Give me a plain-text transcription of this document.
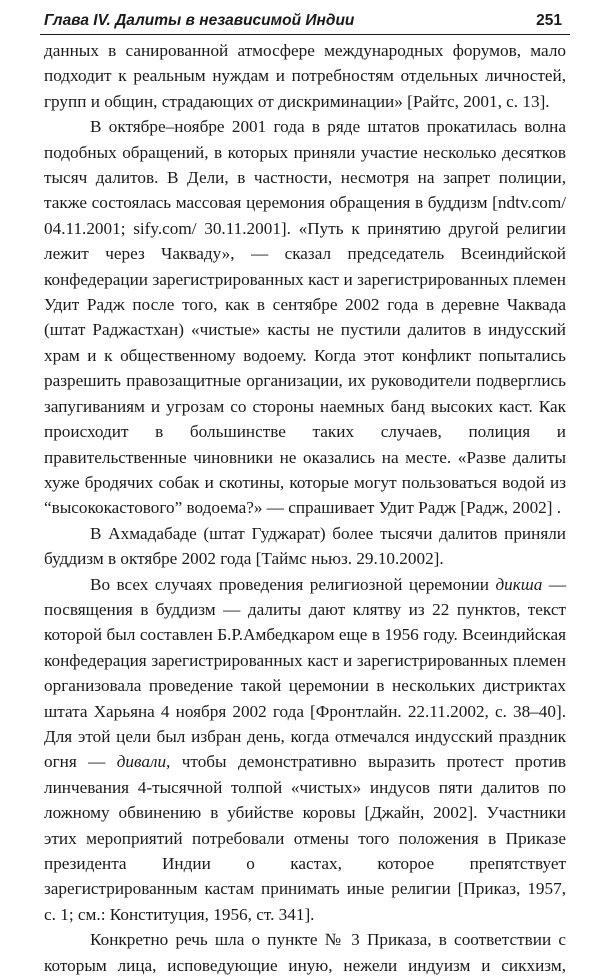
Глава IV. Далиты в независимой Индии	251

данных в санированной атмосфере международных форумов, мало подходит к реальным нуждам и потребностям отдельных личностей, групп и общин, страдающих от дискриминации» [Райтс, 2001, с. 13].

В октябре–ноябре 2001 года в ряде штатов прокатилась волна подобных обращений, в которых приняли участие несколько десятков тысяч далитов. В Дели, в частности, несмотря на запрет полиции, также состоялась массовая церемония обращения в буддизм [ndtv.com/ 04.11.2001; sify.com/ 30.11.2001]. «Путь к принятию другой религии лежит через Чакваду», — сказал председатель Всеиндийской конфедерации зарегистрированных каст и зарегистрированных племен Удит Радж после того, как в сентябре 2002 года в деревне Чаквада (штат Раджастхан) «чистые» касты не пустили далитов в индусский храм и к общественному водоему. Когда этот конфликт попытались разрешить правозащитные организации, их руководители подверглись запугиваниям и угрозам со стороны наемных банд высоких каст. Как происходит в большинстве таких случаев, полиция и правительственные чиновники не оказались на месте. «Разве далиты хуже бродячих собак и скотины, которые могут пользоваться водой из “высококастового” водоема?» — спрашивает Удит Радж [Радж, 2002] .

В Ахмадабаде (штат Гуджарат) более тысячи далитов приняли буддизм в октябре 2002 года [Таймс ньюз. 29.10.2002].

Во всех случаях проведения религиозной церемонии дикша — посвящения в буддизм — далиты дают клятву из 22 пунктов, текст которой был составлен Б.Р.Амбедкаром еще в 1956 году. Всеиндийская конфедерация зарегистрированных каст и зарегистрированных племен организовала проведение такой церемонии в нескольких дистриктах штата Харьяна 4 ноября 2002 года [Фронтлайн. 22.11.2002, с. 38–40]. Для этой цели был избран день, когда отмечался индусский праздник огня — дивали, чтобы демонстративно выразить протест против линчевания 4-тысячной толпой «чистых» индусов пяти далитов по ложному обвинению в убийстве коровы [Джайн, 2002]. Участники этих мероприятий потребовали отмены того положения в Приказе президента Индии о кастах, которое препятствует зарегистрированным кастам принимать иные религии [Приказ, 1957, с. 1; см.: Конституция, 1956, ст. 341].

Конкретно речь шла о пункте № 3 Приказа, в соответствии с которым лица, исповедующие иную, нежели индуизм и сикхизм,
